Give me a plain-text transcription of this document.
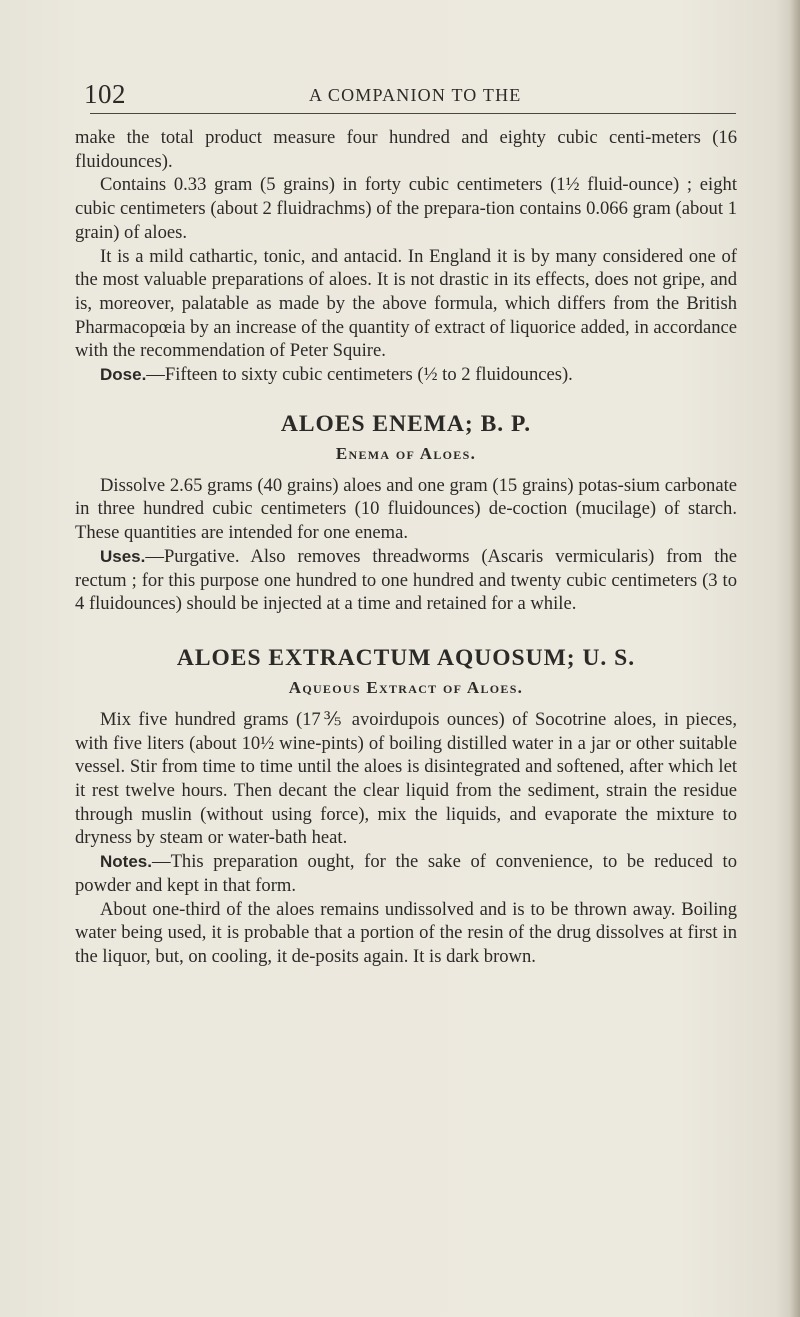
102	A COMPANION TO THE

make the total product measure four hundred and eighty cubic centi-meters (16 fluidounces).

Contains 0.33 gram (5 grains) in forty cubic centimeters (1½ fluid-ounce) ; eight cubic centimeters (about 2 fluidrachms) of the prepara-tion contains 0.066 gram (about 1 grain) of aloes.

It is a mild cathartic, tonic, and antacid. In England it is by many considered one of the most valuable preparations of aloes. It is not drastic in its effects, does not gripe, and is, moreover, palatable as made by the above formula, which differs from the British Pharmacopœia by an increase of the quantity of extract of liquorice added, in accordance with the recommendation of Peter Squire.

Dose.—Fifteen to sixty cubic centimeters (½ to 2 fluidounces).

ALOES ENEMA; B. P.
Enema of Aloes.

Dissolve 2.65 grams (40 grains) aloes and one gram (15 grains) potas-sium carbonate in three hundred cubic centimeters (10 fluidounces) de-coction (mucilage) of starch. These quantities are intended for one enema.

Uses.—Purgative. Also removes threadworms (Ascaris vermicularis) from the rectum ; for this purpose one hundred to one hundred and twenty cubic centimeters (3 to 4 fluidounces) should be injected at a time and retained for a while.

ALOES EXTRACTUM AQUOSUM; U. S.
Aqueous Extract of Aloes.

Mix five hundred grams (17⅗ avoirdupois ounces) of Socotrine aloes, in pieces, with five liters (about 10½ wine-pints) of boiling distilled water in a jar or other suitable vessel. Stir from time to time until the aloes is disintegrated and softened, after which let it rest twelve hours. Then decant the clear liquid from the sediment, strain the residue through muslin (without using force), mix the liquids, and evaporate the mixture to dryness by steam or water-bath heat.

Notes.—This preparation ought, for the sake of convenience, to be reduced to powder and kept in that form.

About one-third of the aloes remains undissolved and is to be thrown away. Boiling water being used, it is probable that a portion of the resin of the drug dissolves at first in the liquor, but, on cooling, it de-posits again. It is dark brown.
